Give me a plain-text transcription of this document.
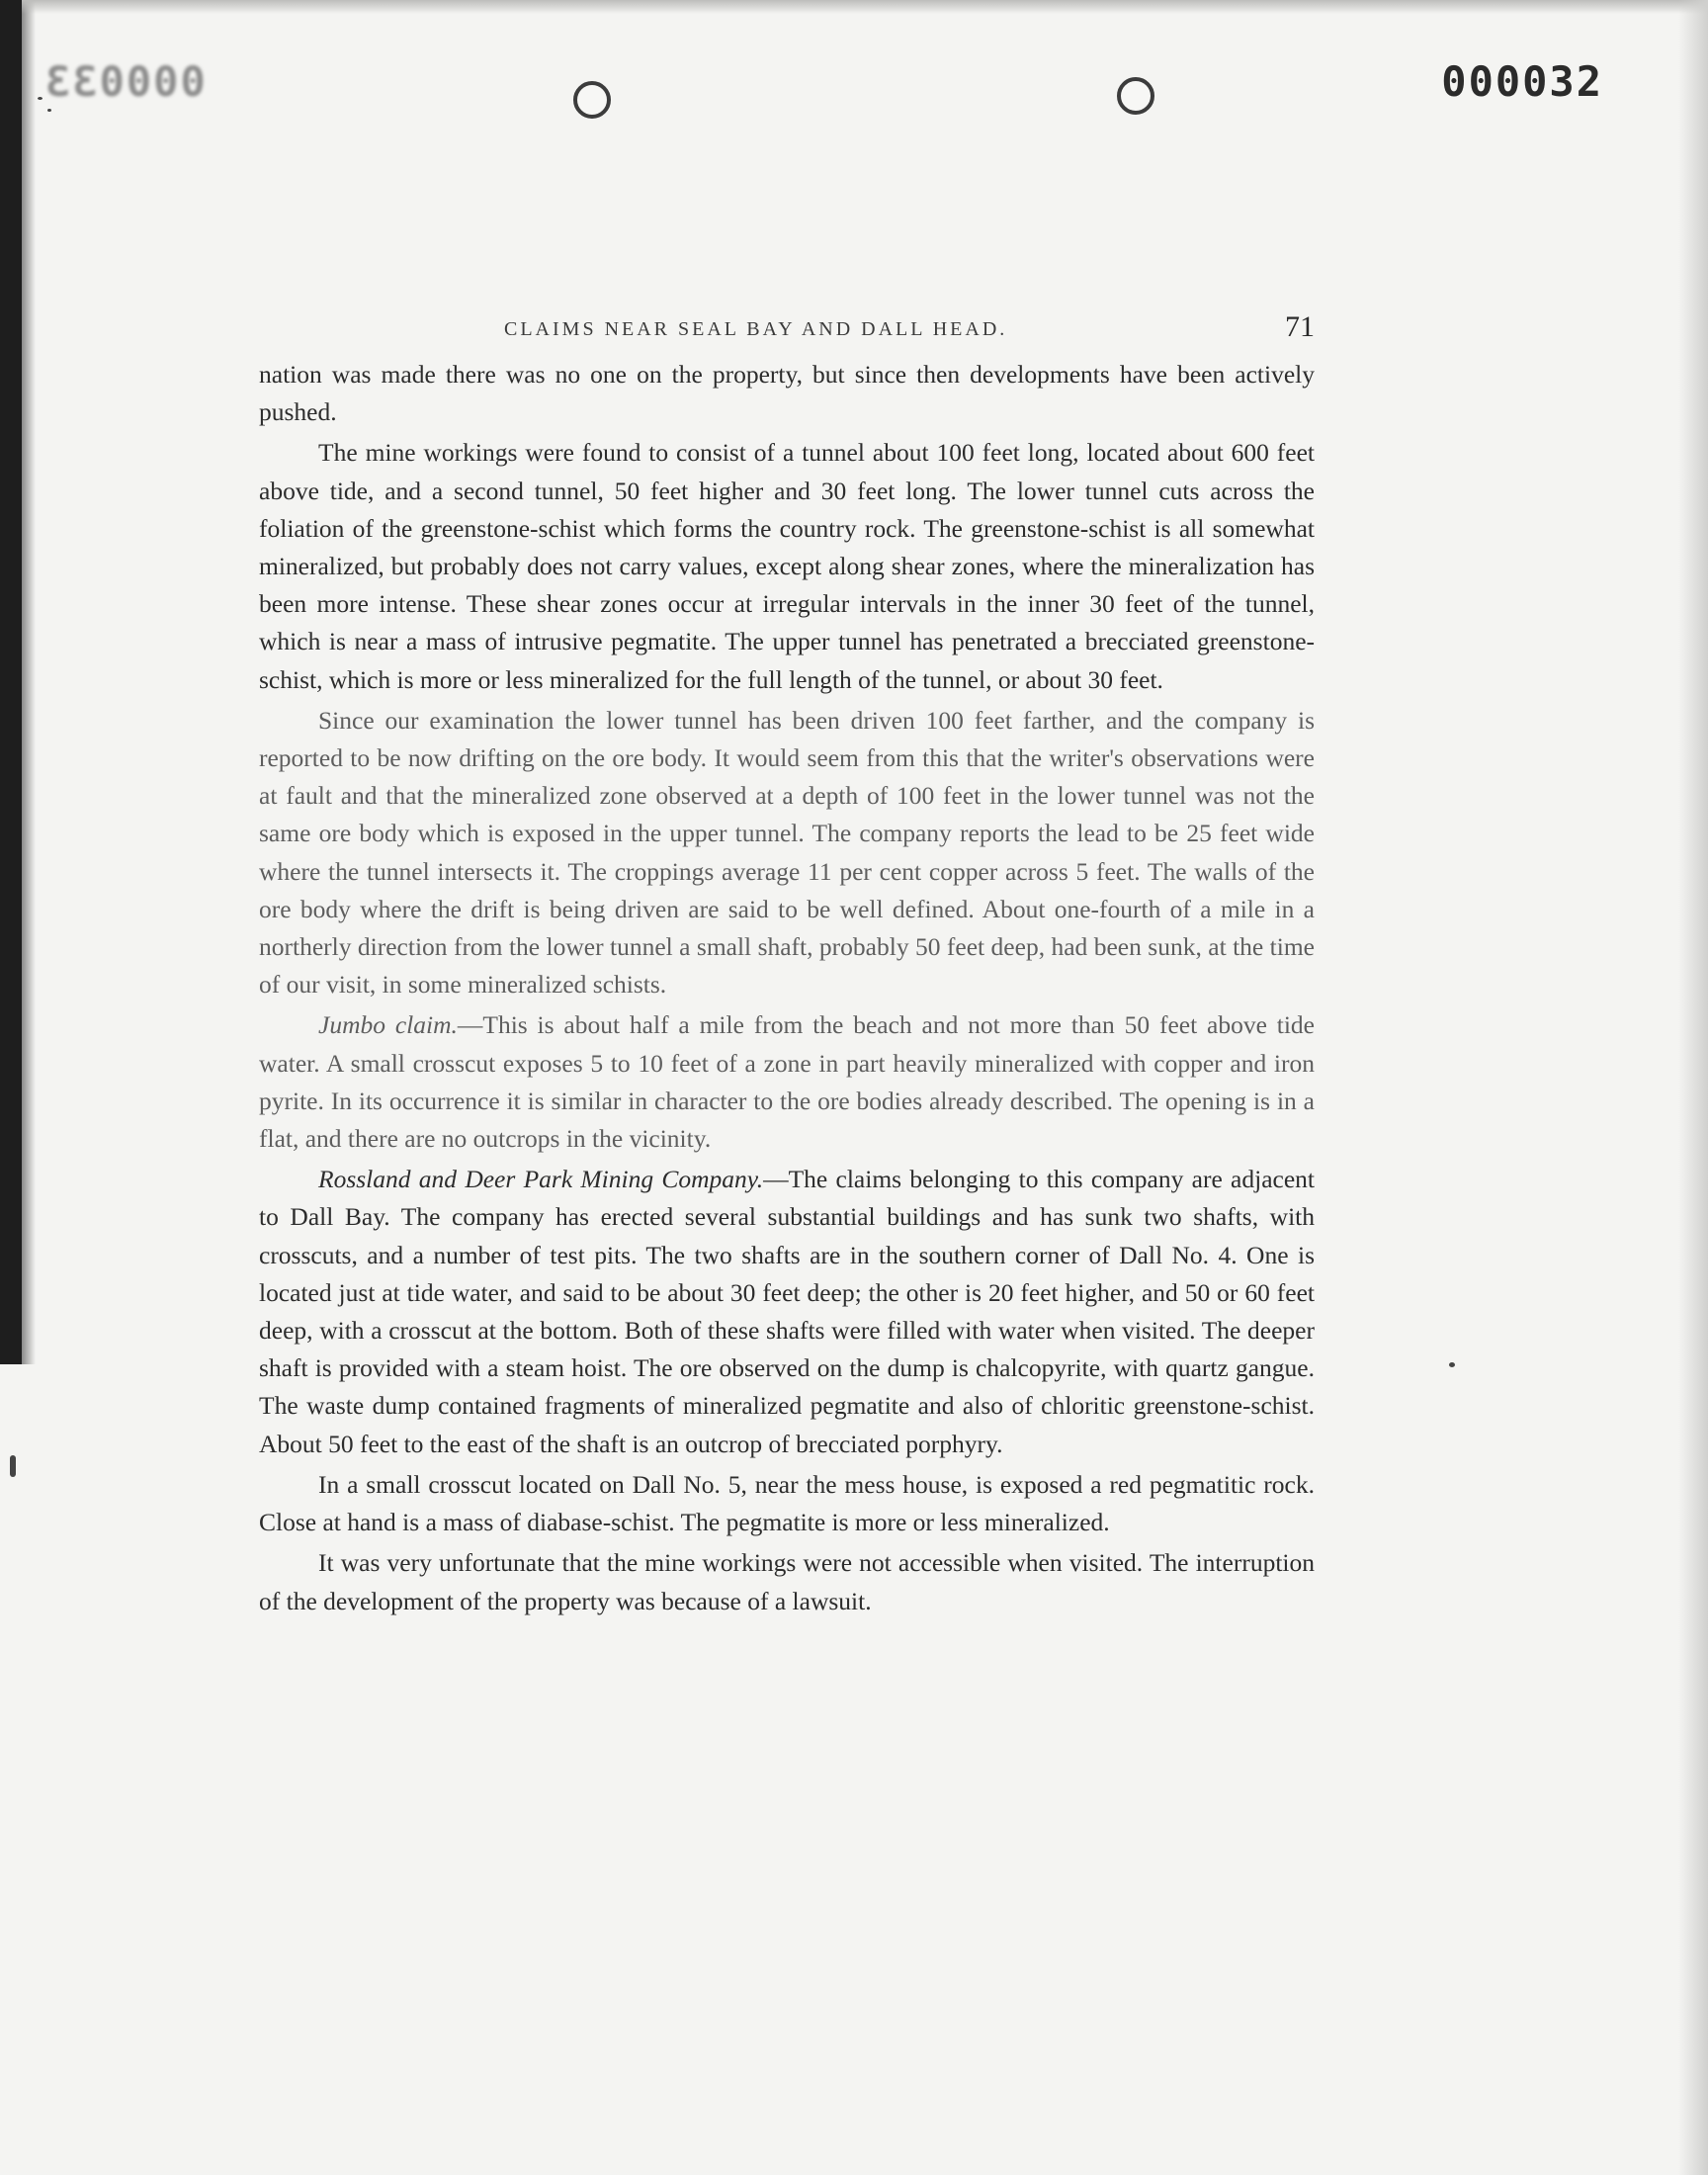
000033	000032
CLAIMS NEAR SEAL BAY AND DALL HEAD.	71

nation was made there was no one on the property, but since then developments have been actively pushed.

The mine workings were found to consist of a tunnel about 100 feet long, located about 600 feet above tide, and a second tunnel, 50 feet higher and 30 feet long. The lower tunnel cuts across the foliation of the greenstone-schist which forms the country rock. The greenstone-schist is all somewhat mineralized, but probably does not carry values, except along shear zones, where the mineralization has been more intense. These shear zones occur at irregular intervals in the inner 30 feet of the tunnel, which is near a mass of intrusive pegmatite. The upper tunnel has penetrated a brecciated greenstone-schist, which is more or less mineralized for the full length of the tunnel, or about 30 feet.

Since our examination the lower tunnel has been driven 100 feet farther, and the company is reported to be now drifting on the ore body. It would seem from this that the writer's observations were at fault and that the mineralized zone observed at a depth of 100 feet in the lower tunnel was not the same ore body which is exposed in the upper tunnel. The company reports the lead to be 25 feet wide where the tunnel intersects it. The croppings average 11 per cent copper across 5 feet. The walls of the ore body where the drift is being driven are said to be well defined. About one-fourth of a mile in a northerly direction from the lower tunnel a small shaft, probably 50 feet deep, had been sunk, at the time of our visit, in some mineralized schists.

Jumbo claim.—This is about half a mile from the beach and not more than 50 feet above tide water. A small crosscut exposes 5 to 10 feet of a zone in part heavily mineralized with copper and iron pyrite. In its occurrence it is similar in character to the ore bodies already described. The opening is in a flat, and there are no outcrops in the vicinity.

Rossland and Deer Park Mining Company.—The claims belonging to this company are adjacent to Dall Bay. The company has erected several substantial buildings and has sunk two shafts, with crosscuts, and a number of test pits. The two shafts are in the southern corner of Dall No. 4. One is located just at tide water, and said to be about 30 feet deep; the other is 20 feet higher, and 50 or 60 feet deep, with a crosscut at the bottom. Both of these shafts were filled with water when visited. The deeper shaft is provided with a steam hoist. The ore observed on the dump is chalcopyrite, with quartz gangue. The waste dump contained fragments of mineralized pegmatite and also of chloritic greenstone-schist. About 50 feet to the east of the shaft is an outcrop of brecciated porphyry.

In a small crosscut located on Dall No. 5, near the mess house, is exposed a red pegmatitic rock. Close at hand is a mass of diabase-schist. The pegmatite is more or less mineralized.

It was very unfortunate that the mine workings were not accessible when visited. The interruption of the development of the property was because of a lawsuit.
